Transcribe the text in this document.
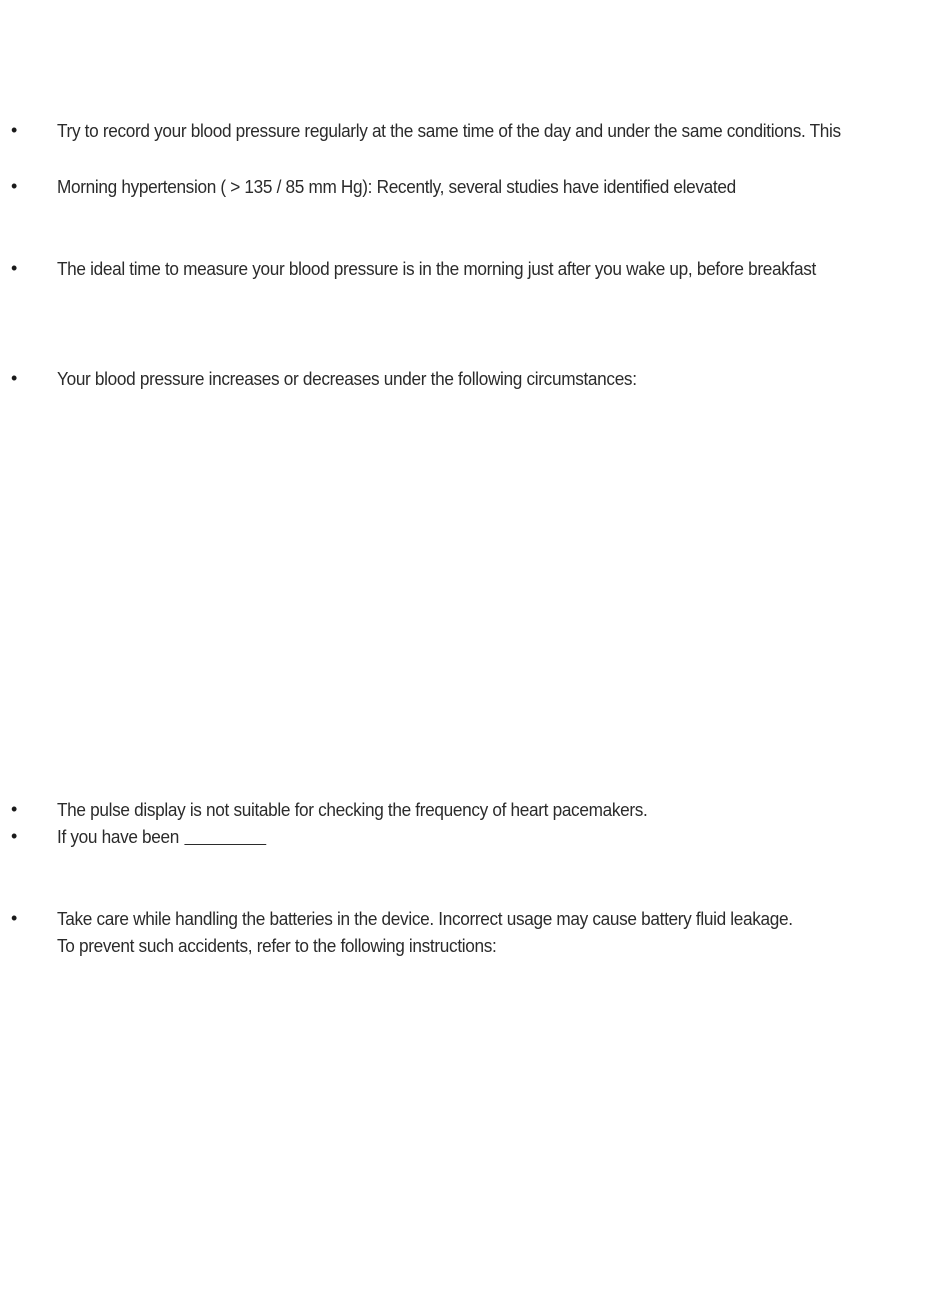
•	Try to record your blood pressure regularly at the same time of the day and under the same conditions. This
•	Morning hypertension ( > 135 / 85 mm Hg): Recently, several studies have identified elevated
•	The ideal time to measure your blood pressure is in the morning just after you wake up, before breakfast
•	Your blood pressure increases or decreases under the following circumstances:
•	The pulse display is not suitable for checking the frequency of heart pacemakers.
•	If you have been
•	Take care while handling the batteries in the device. Incorrect usage may cause battery fluid leakage.
To prevent such accidents, refer to the following instructions:
